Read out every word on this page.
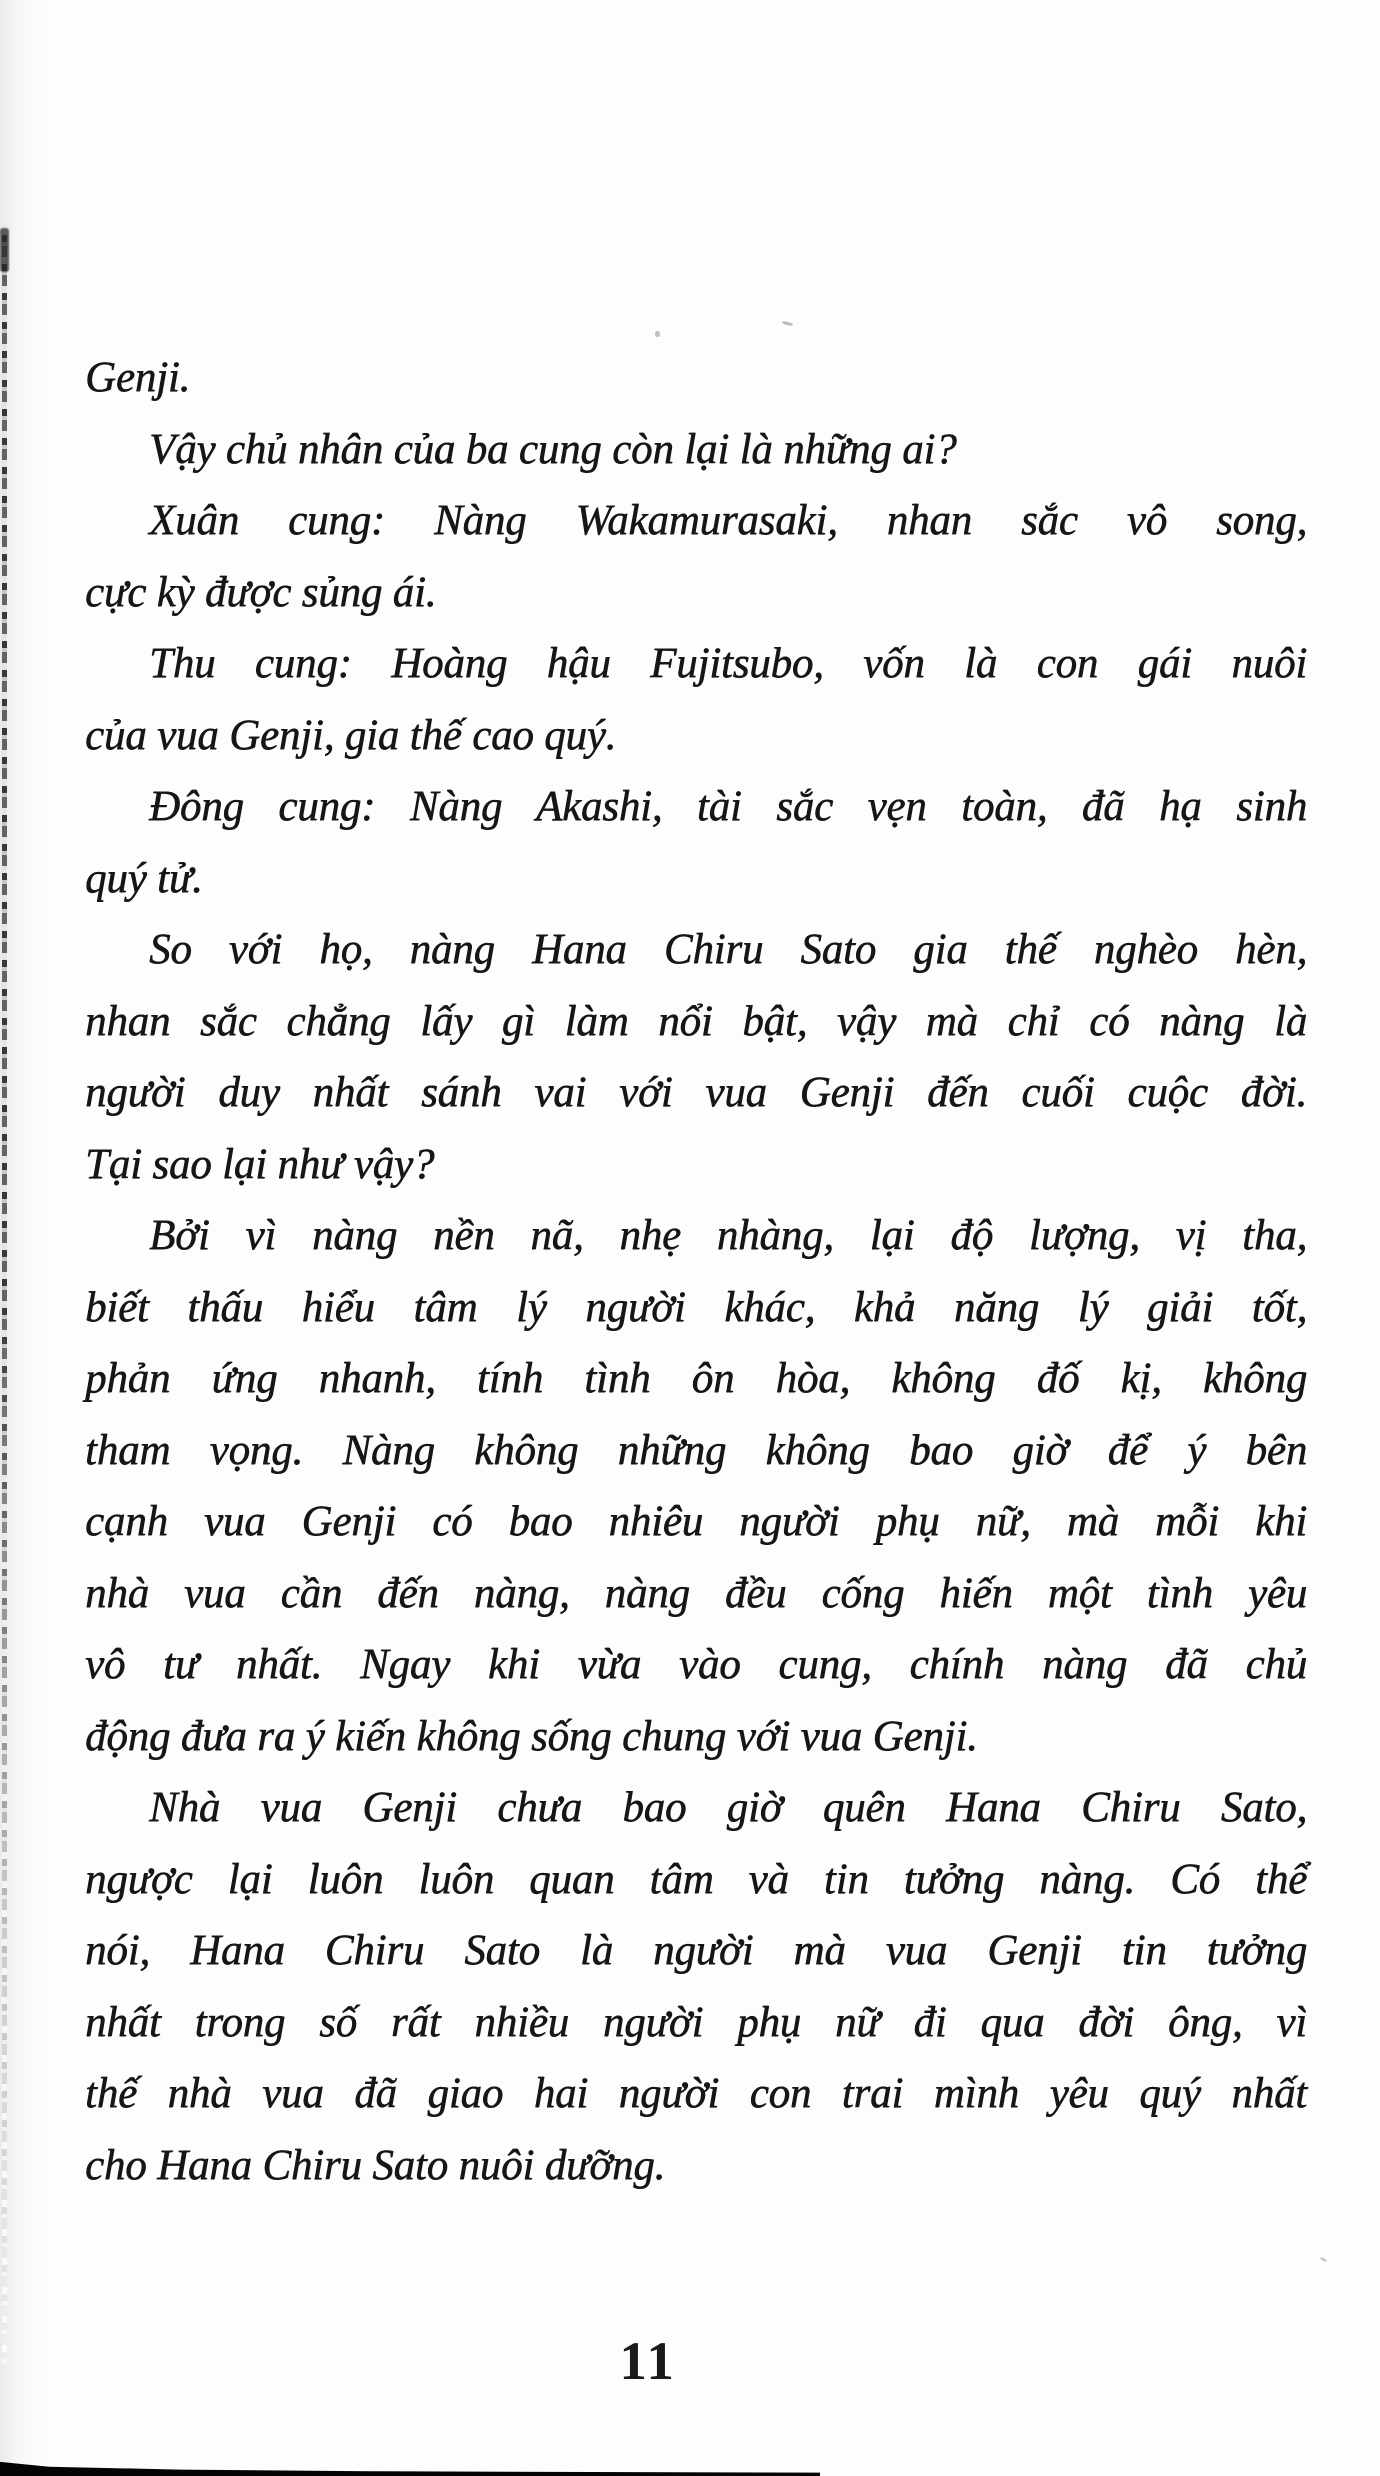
Genji.
Vậy chủ nhân của ba cung còn lại là những ai?
Xuân cung: Nàng Wakamurasaki, nhan sắc vô song,
cực kỳ được sủng ái.
Thu cung: Hoàng hậu Fujitsubo, vốn là con gái nuôi
của vua Genji, gia thế cao quý.
Đông cung: Nàng Akashi, tài sắc vẹn toàn, đã hạ sinh
quý tử.
So với họ, nàng Hana Chiru Sato gia thế nghèo hèn,
nhan sắc chẳng lấy gì làm nổi bật, vậy mà chỉ có nàng là
người duy nhất sánh vai với vua Genji đến cuối cuộc đời.
Tại sao lại như vậy?
Bởi vì nàng nền nã, nhẹ nhàng, lại độ lượng, vị tha,
biết thấu hiểu tâm lý người khác, khả năng lý giải tốt,
phản ứng nhanh, tính tình ôn hòa, không đố kị, không
tham vọng. Nàng không những không bao giờ để ý bên
cạnh vua Genji có bao nhiêu người phụ nữ, mà mỗi khi
nhà vua cần đến nàng, nàng đều cống hiến một tình yêu
vô tư nhất. Ngay khi vừa vào cung, chính nàng đã chủ
động đưa ra ý kiến không sống chung với vua Genji.
Nhà vua Genji chưa bao giờ quên Hana Chiru Sato,
ngược lại luôn luôn quan tâm và tin tưởng nàng. Có thể
nói, Hana Chiru Sato là người mà vua Genji tin tưởng
nhất trong số rất nhiều người phụ nữ đi qua đời ông, vì
thế nhà vua đã giao hai người con trai mình yêu quý nhất
cho Hana Chiru Sato nuôi dưỡng.
11
